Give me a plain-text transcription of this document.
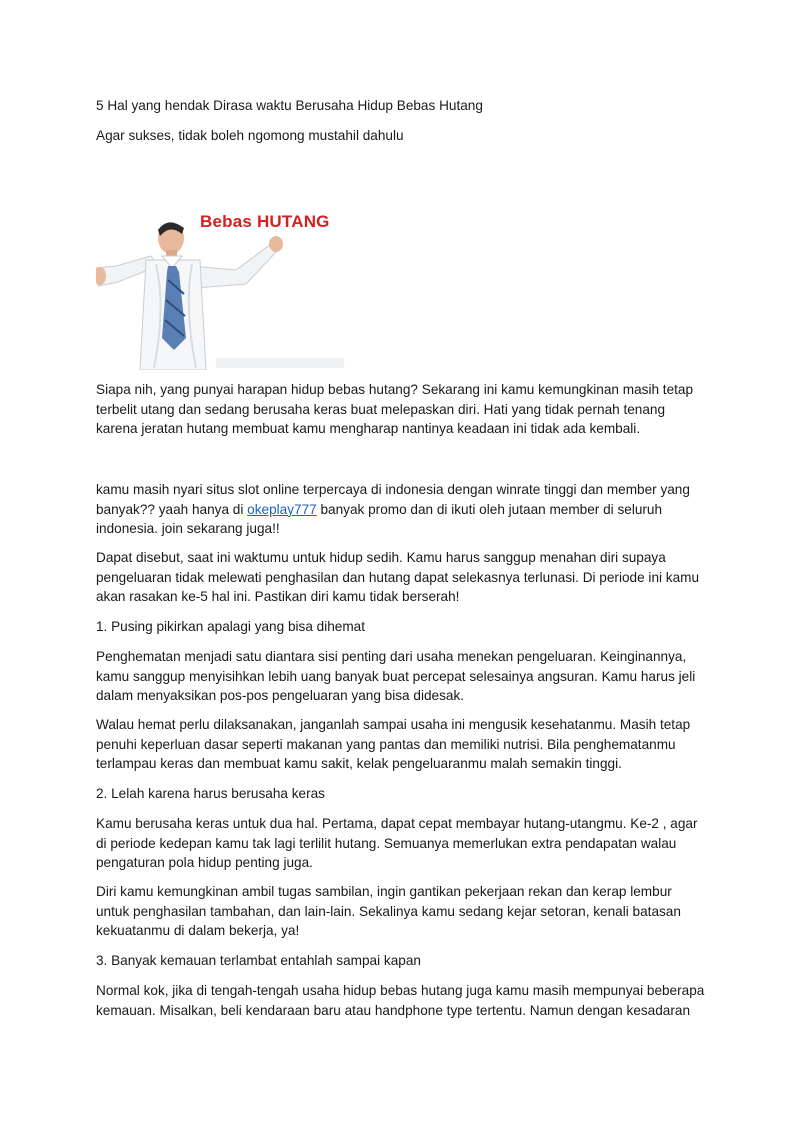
5 Hal yang hendak Dirasa waktu Berusaha Hidup Bebas Hutang

Agar sukses, tidak boleh ngomong mustahil dahulu

Bebas HUTANG

Siapa nih, yang punyai harapan hidup bebas hutang? Sekarang ini kamu kemungkinan masih tetap terbelit utang dan sedang berusaha keras buat melepaskan diri. Hati yang tidak pernah tenang karena jeratan hutang membuat kamu mengharap nantinya keadaan ini tidak ada kembali.

kamu masih nyari situs slot online terpercaya di indonesia dengan winrate tinggi dan member yang banyak?? yaah hanya di okeplay777 banyak promo dan di ikuti oleh jutaan member di seluruh indonesia. join sekarang juga!!

Dapat disebut, saat ini waktumu untuk hidup sedih. Kamu harus sanggup menahan diri supaya pengeluaran tidak melewati penghasilan dan hutang dapat selekasnya terlunasi. Di periode ini kamu akan rasakan ke-5 hal ini. Pastikan diri kamu tidak berserah!

1. Pusing pikirkan apalagi yang bisa dihemat

Penghematan menjadi satu diantara sisi penting dari usaha menekan pengeluaran. Keinginannya, kamu sanggup menyisihkan lebih uang banyak buat percepat selesainya angsuran. Kamu harus jeli dalam menyaksikan pos-pos pengeluaran yang bisa didesak.

Walau hemat perlu dilaksanakan, janganlah sampai usaha ini mengusik kesehatanmu. Masih tetap penuhi keperluan dasar seperti makanan yang pantas dan memiliki nutrisi. Bila penghematanmu terlampau keras dan membuat kamu sakit, kelak pengeluaranmu malah semakin tinggi.

2. Lelah karena harus berusaha keras

Kamu berusaha keras untuk dua hal. Pertama, dapat cepat membayar hutang-utangmu. Ke-2 , agar di periode kedepan kamu tak lagi terlilit hutang. Semuanya memerlukan extra pendapatan walau pengaturan pola hidup penting juga.

Diri kamu kemungkinan ambil tugas sambilan, ingin gantikan pekerjaan rekan dan kerap lembur untuk penghasilan tambahan, dan lain-lain. Sekalinya kamu sedang kejar setoran, kenali batasan kekuatanmu di dalam bekerja, ya!

3. Banyak kemauan terlambat entahlah sampai kapan

Normal kok, jika di tengah-tengah usaha hidup bebas hutang juga kamu masih mempunyai beberapa kemauan. Misalkan, beli kendaraan baru atau handphone type tertentu. Namun dengan kesadaran
